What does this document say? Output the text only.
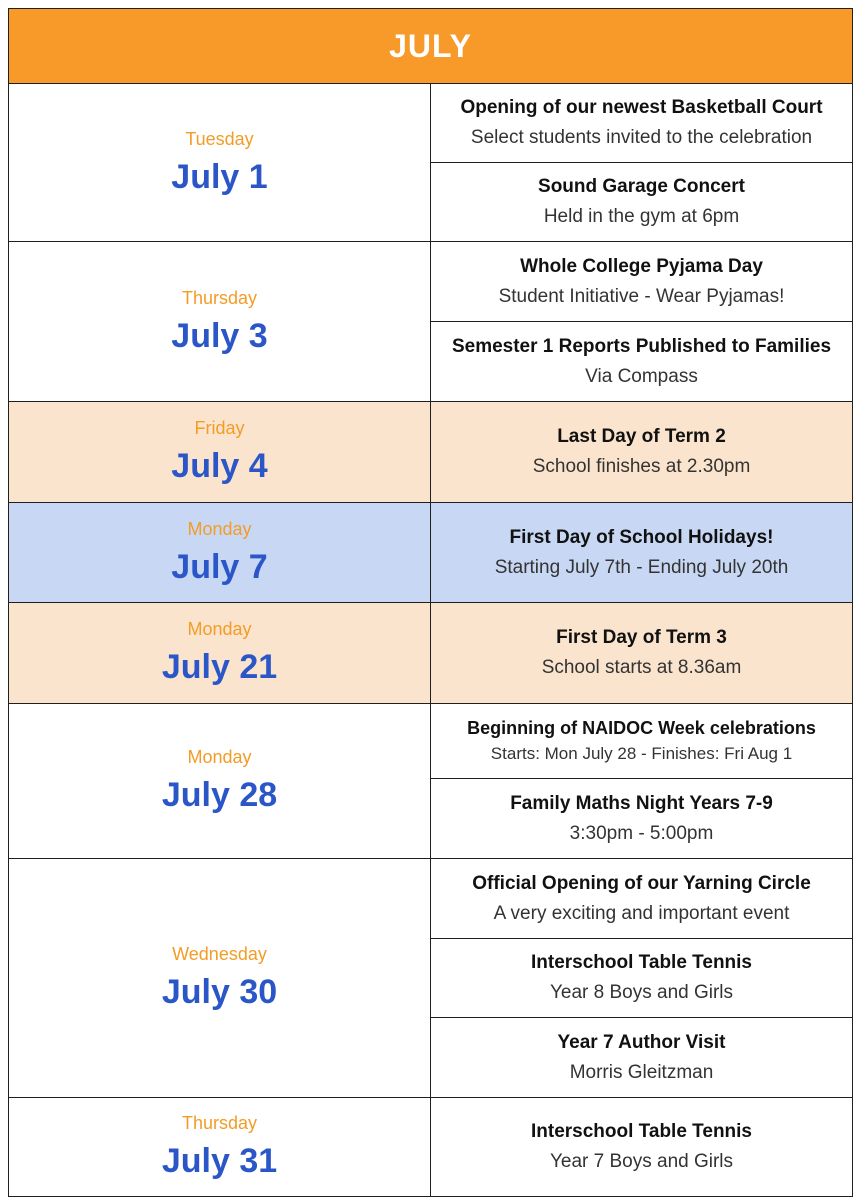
JULY	

Tuesday
July 1	Opening of our newest Basketball Court
Select students invited to the celebration

	Sound Garage Concert
Held in the gym at 6pm

Thursday
July 3	Whole College Pyjama Day
Student Initiative - Wear Pyjamas!

	Semester 1 Reports Published to Families
Via Compass

Friday
July 4	Last Day of Term 2
School finishes at 2.30pm

Monday
July 7	First Day of School Holidays!
Starting July 7th - Ending July 20th

Monday
July 21	First Day of Term 3
School starts at 8.36am

Monday
July 28	Beginning of NAIDOC Week celebrations
Starts: Mon July 28 - Finishes: Fri Aug 1

	Family Maths Night Years 7-9
3:30pm - 5:00pm

Wednesday
July 30	Official Opening of our Yarning Circle
A very exciting and important event

	Interschool Table Tennis
Year 8 Boys and Girls

	Year 7 Author Visit
Morris Gleitzman

Thursday
July 31	Interschool Table Tennis
Year 7 Boys and Girls
